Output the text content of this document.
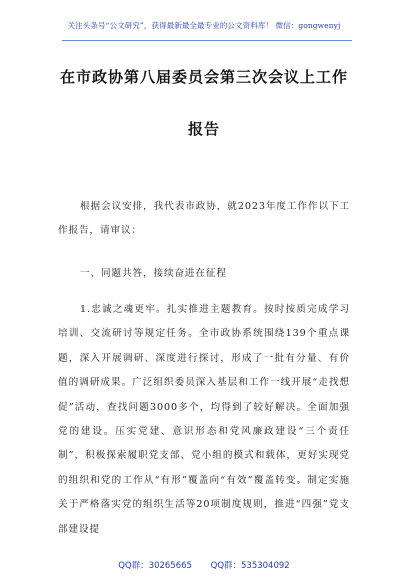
关注头条号“公文研究”，获得最新最全最专业的公文资料库！ 微信：gongwenyj
在市政协第八届委员会第三次会议上工作
报告

根据会议安排，我代表市政协，就2023年度工作作以下工作报告，请审议：

一、同题共答，接续奋进在征程

1.忠诚之魂更牢。扎实推进主题教育。按时按质完成学习培训、交流研讨等规定任务。全市政协系统围绕139个重点课题，深入开展调研、深度进行探讨，形成了一批有分量、有价值的调研成果。广泛组织委员深入基层和工作一线开展“走找想促”活动，查找问题3000多个，均得到了较好解决。全面加强党的建设。压实党建、意识形态和党风廉政建设“三个责任制”，积极探索履职党支部、党小组的模式和载体，更好实现党的组织和党的工作从“有形”覆盖向“有效”覆盖转变。制定实施关于严格落实党的组织生活等20项制度规则，推进“四强”党支部建设提

QQ群：30265665 QQ群：535304092
